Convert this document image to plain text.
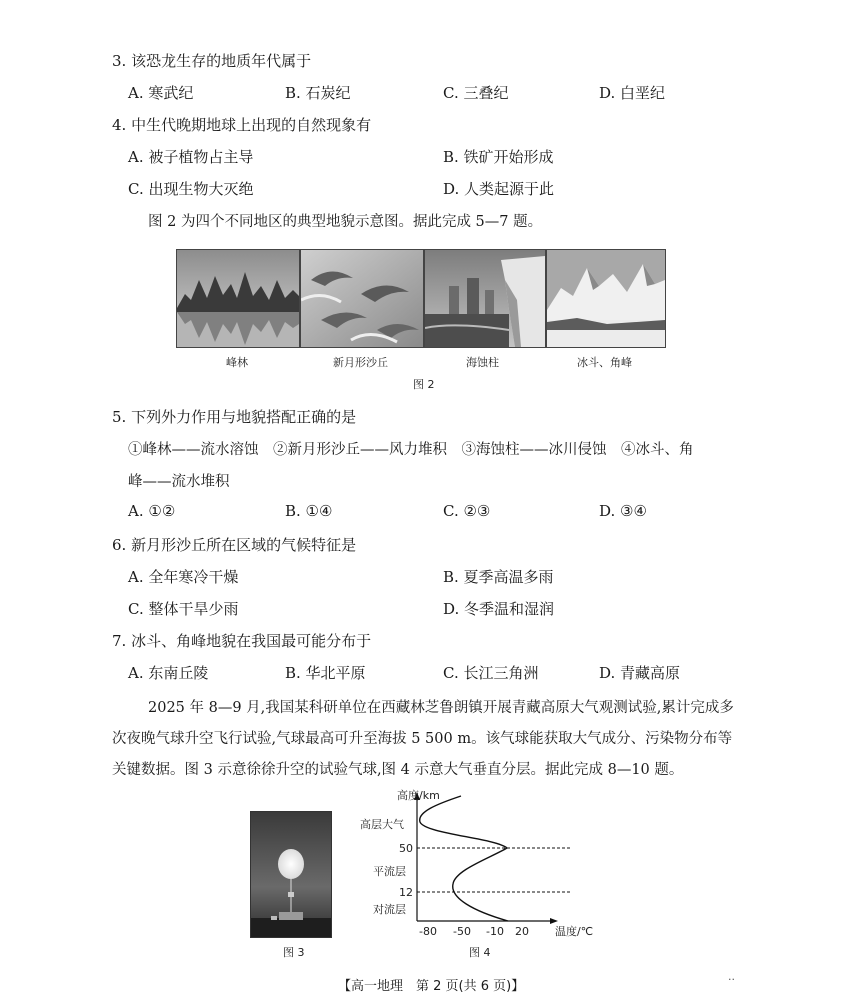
3. 该恐龙生存的地质年代属于
A. 寒武纪	B. 石炭纪	C. 三叠纪	D. 白垩纪
4. 中生代晚期地球上出现的自然现象有
A. 被子植物占主导	B. 铁矿开始形成
C. 出现生物大灭绝	D. 人类起源于此
图 2 为四个不同地区的典型地貌示意图。据此完成 5—7 题。
峰林	新月形沙丘	海蚀柱	冰斗、角峰
图 2
5. 下列外力作用与地貌搭配正确的是
①峰林——流水溶蚀　②新月形沙丘——风力堆积　③海蚀柱——冰川侵蚀　④冰斗、角
峰——流水堆积
A. ①②	B. ①④	C. ②③	D. ③④
6. 新月形沙丘所在区域的气候特征是
A. 全年寒冷干燥	B. 夏季高温多雨
C. 整体干旱少雨	D. 冬季温和湿润
7. 冰斗、角峰地貌在我国最可能分布于
A. 东南丘陵	B. 华北平原	C. 长江三角洲	D. 青藏高原
2025 年 8—9 月,我国某科研单位在西藏林芝鲁朗镇开展青藏高原大气观测试验,累计完成多
次夜晚气球升空飞行试验,气球最高可升至海拔 5 500 m。该气球能获取大气成分、污染物分布等
关键数据。图 3 示意徐徐升空的试验气球,图 4 示意大气垂直分层。据此完成 8—10 题。
图 3
高度/km
高层大气
平流层
对流层
50
12
-80 -50 -10 20 温度/℃
图 4
【高一地理　第 2 页(共 6 页)】	··
